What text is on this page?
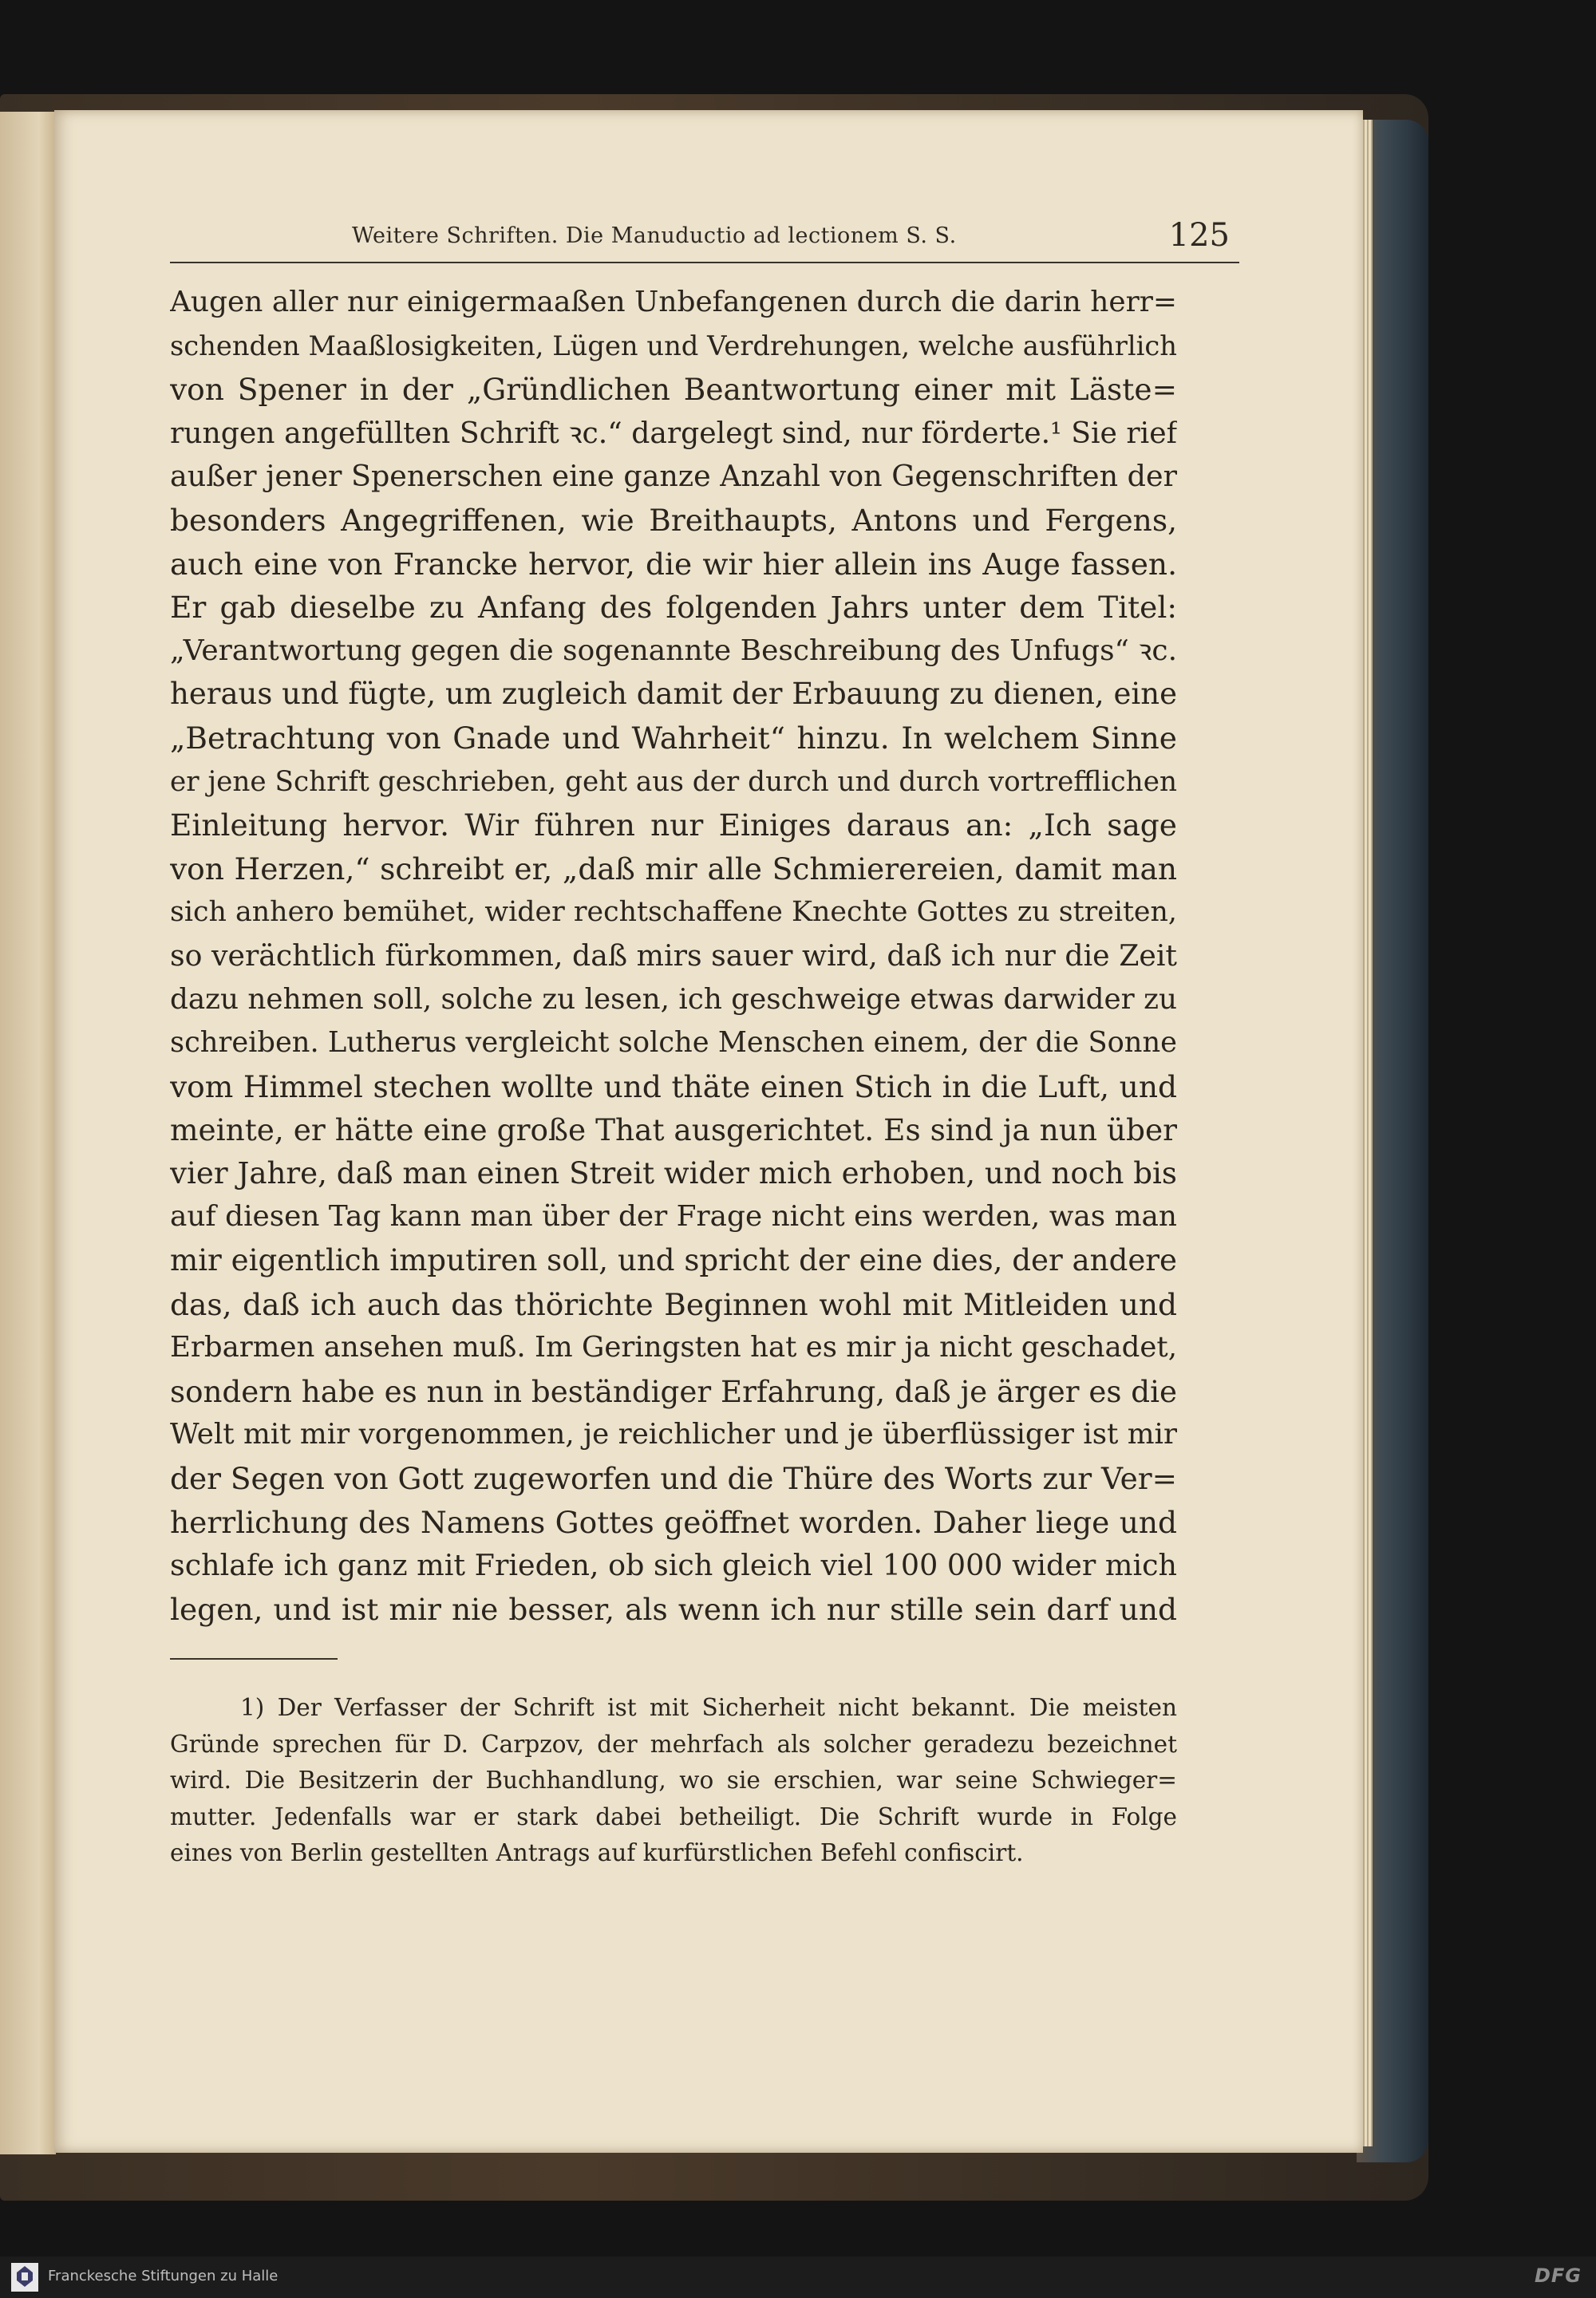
Weitere Schriften. Die Manuductio ad lectionem S. S.	125
Augen aller nur einigermaaßen Unbefangenen durch die darin herr=
schenden Maaßlosigkeiten, Lügen und Verdrehungen, welche ausführlich
von Spener in der „Gründlichen Beantwortung einer mit Läste=
rungen angefüllten Schrift ꝛc.“ dargelegt sind, nur förderte.¹ Sie rief
außer jener Spenerschen eine ganze Anzahl von Gegenschriften der
besonders Angegriffenen, wie Breithaupts, Antons und Fergens,
auch eine von Francke hervor, die wir hier allein ins Auge fassen.
Er gab dieselbe zu Anfang des folgenden Jahrs unter dem Titel:
„Verantwortung gegen die sogenannte Beschreibung des Unfugs“ ꝛc.
heraus und fügte, um zugleich damit der Erbauung zu dienen, eine
„Betrachtung von Gnade und Wahrheit“ hinzu. In welchem Sinne
er jene Schrift geschrieben, geht aus der durch und durch vortrefflichen
Einleitung hervor. Wir führen nur Einiges daraus an: „Ich sage
von Herzen,“ schreibt er, „daß mir alle Schmierereien, damit man
sich anhero bemühet, wider rechtschaffene Knechte Gottes zu streiten,
so verächtlich fürkommen, daß mirs sauer wird, daß ich nur die Zeit
dazu nehmen soll, solche zu lesen, ich geschweige etwas darwider zu
schreiben. Lutherus vergleicht solche Menschen einem, der die Sonne
vom Himmel stechen wollte und thäte einen Stich in die Luft, und
meinte, er hätte eine große That ausgerichtet. Es sind ja nun über
vier Jahre, daß man einen Streit wider mich erhoben, und noch bis
auf diesen Tag kann man über der Frage nicht eins werden, was man
mir eigentlich imputiren soll, und spricht der eine dies, der andere
das, daß ich auch das thörichte Beginnen wohl mit Mitleiden und
Erbarmen ansehen muß. Im Geringsten hat es mir ja nicht geschadet,
sondern habe es nun in beständiger Erfahrung, daß je ärger es die
Welt mit mir vorgenommen, je reichlicher und je überflüssiger ist mir
der Segen von Gott zugeworfen und die Thüre des Worts zur Ver=
herrlichung des Namens Gottes geöffnet worden. Daher liege und
schlafe ich ganz mit Frieden, ob sich gleich viel 100 000 wider mich
legen, und ist mir nie besser, als wenn ich nur stille sein darf und
1) Der Verfasser der Schrift ist mit Sicherheit nicht bekannt. Die meisten
Gründe sprechen für D. Carpzov, der mehrfach als solcher geradezu bezeichnet
wird. Die Besitzerin der Buchhandlung, wo sie erschien, war seine Schwieger=
mutter. Jedenfalls war er stark dabei betheiligt. Die Schrift wurde in Folge
eines von Berlin gestellten Antrags auf kurfürstlichen Befehl confiscirt.
Franckesche Stiftungen zu Halle	DFG
